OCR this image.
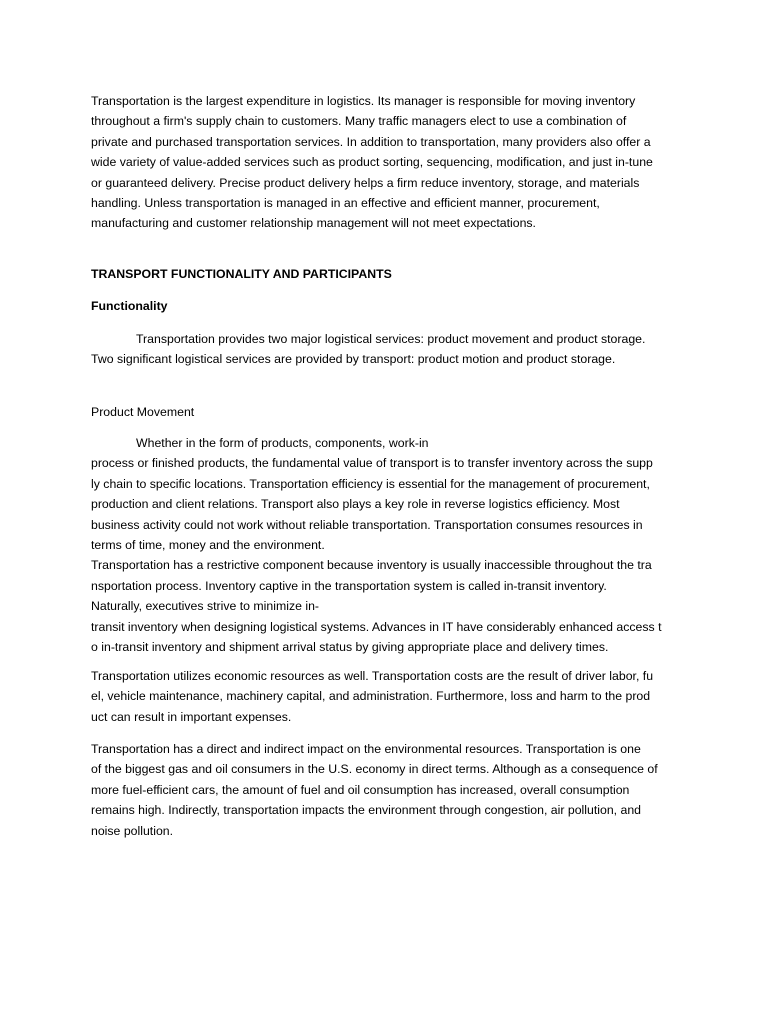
Transportation is the largest expenditure in logistics. Its manager is responsible for moving inventory
throughout a firm's supply chain to customers. Many traffic managers elect to use a combination of
private and purchased transportation services. In addition to transportation, many providers also offer a
wide variety of value-added services such as product sorting, sequencing, modification, and just in-tune
or guaranteed delivery. Precise product delivery helps a firm reduce inventory, storage, and materials
handling. Unless transportation is managed in an effective and efficient manner, procurement,
manufacturing and customer relationship management will not meet expectations.
TRANSPORT FUNCTIONALITY AND PARTICIPANTS
Functionality
Transportation provides two major logistical services: product movement and product storage.
Two significant logistical services are provided by transport: product motion and product storage.
Product Movement
Whether in the form of products, components, work-in
process or finished products, the fundamental value of transport is to transfer inventory across the supp
ly chain to specific locations. Transportation efficiency is essential for the management of procurement,
production and client relations. Transport also plays a key role in reverse logistics efficiency. Most
business activity could not work without reliable transportation. Transportation consumes resources in
terms of time, money and the environment.
Transportation has a restrictive component because inventory is usually inaccessible throughout the tra
nsportation process. Inventory captive in the transportation system is called in-transit inventory.
Naturally, executives strive to minimize in-
transit inventory when designing logistical systems. Advances in IT have considerably enhanced access t
o in-transit inventory and shipment arrival status by giving appropriate place and delivery times.
Transportation utilizes economic resources as well. Transportation costs are the result of driver labor, fu
el, vehicle maintenance, machinery capital, and administration. Furthermore, loss and harm to the prod
uct can result in important expenses.
Transportation has a direct and indirect impact on the environmental resources. Transportation is one
of the biggest gas and oil consumers in the U.S. economy in direct terms. Although as a consequence of
more fuel-efficient cars, the amount of fuel and oil consumption has increased, overall consumption
remains high. Indirectly, transportation impacts the environment through congestion, air pollution, and
noise pollution.
